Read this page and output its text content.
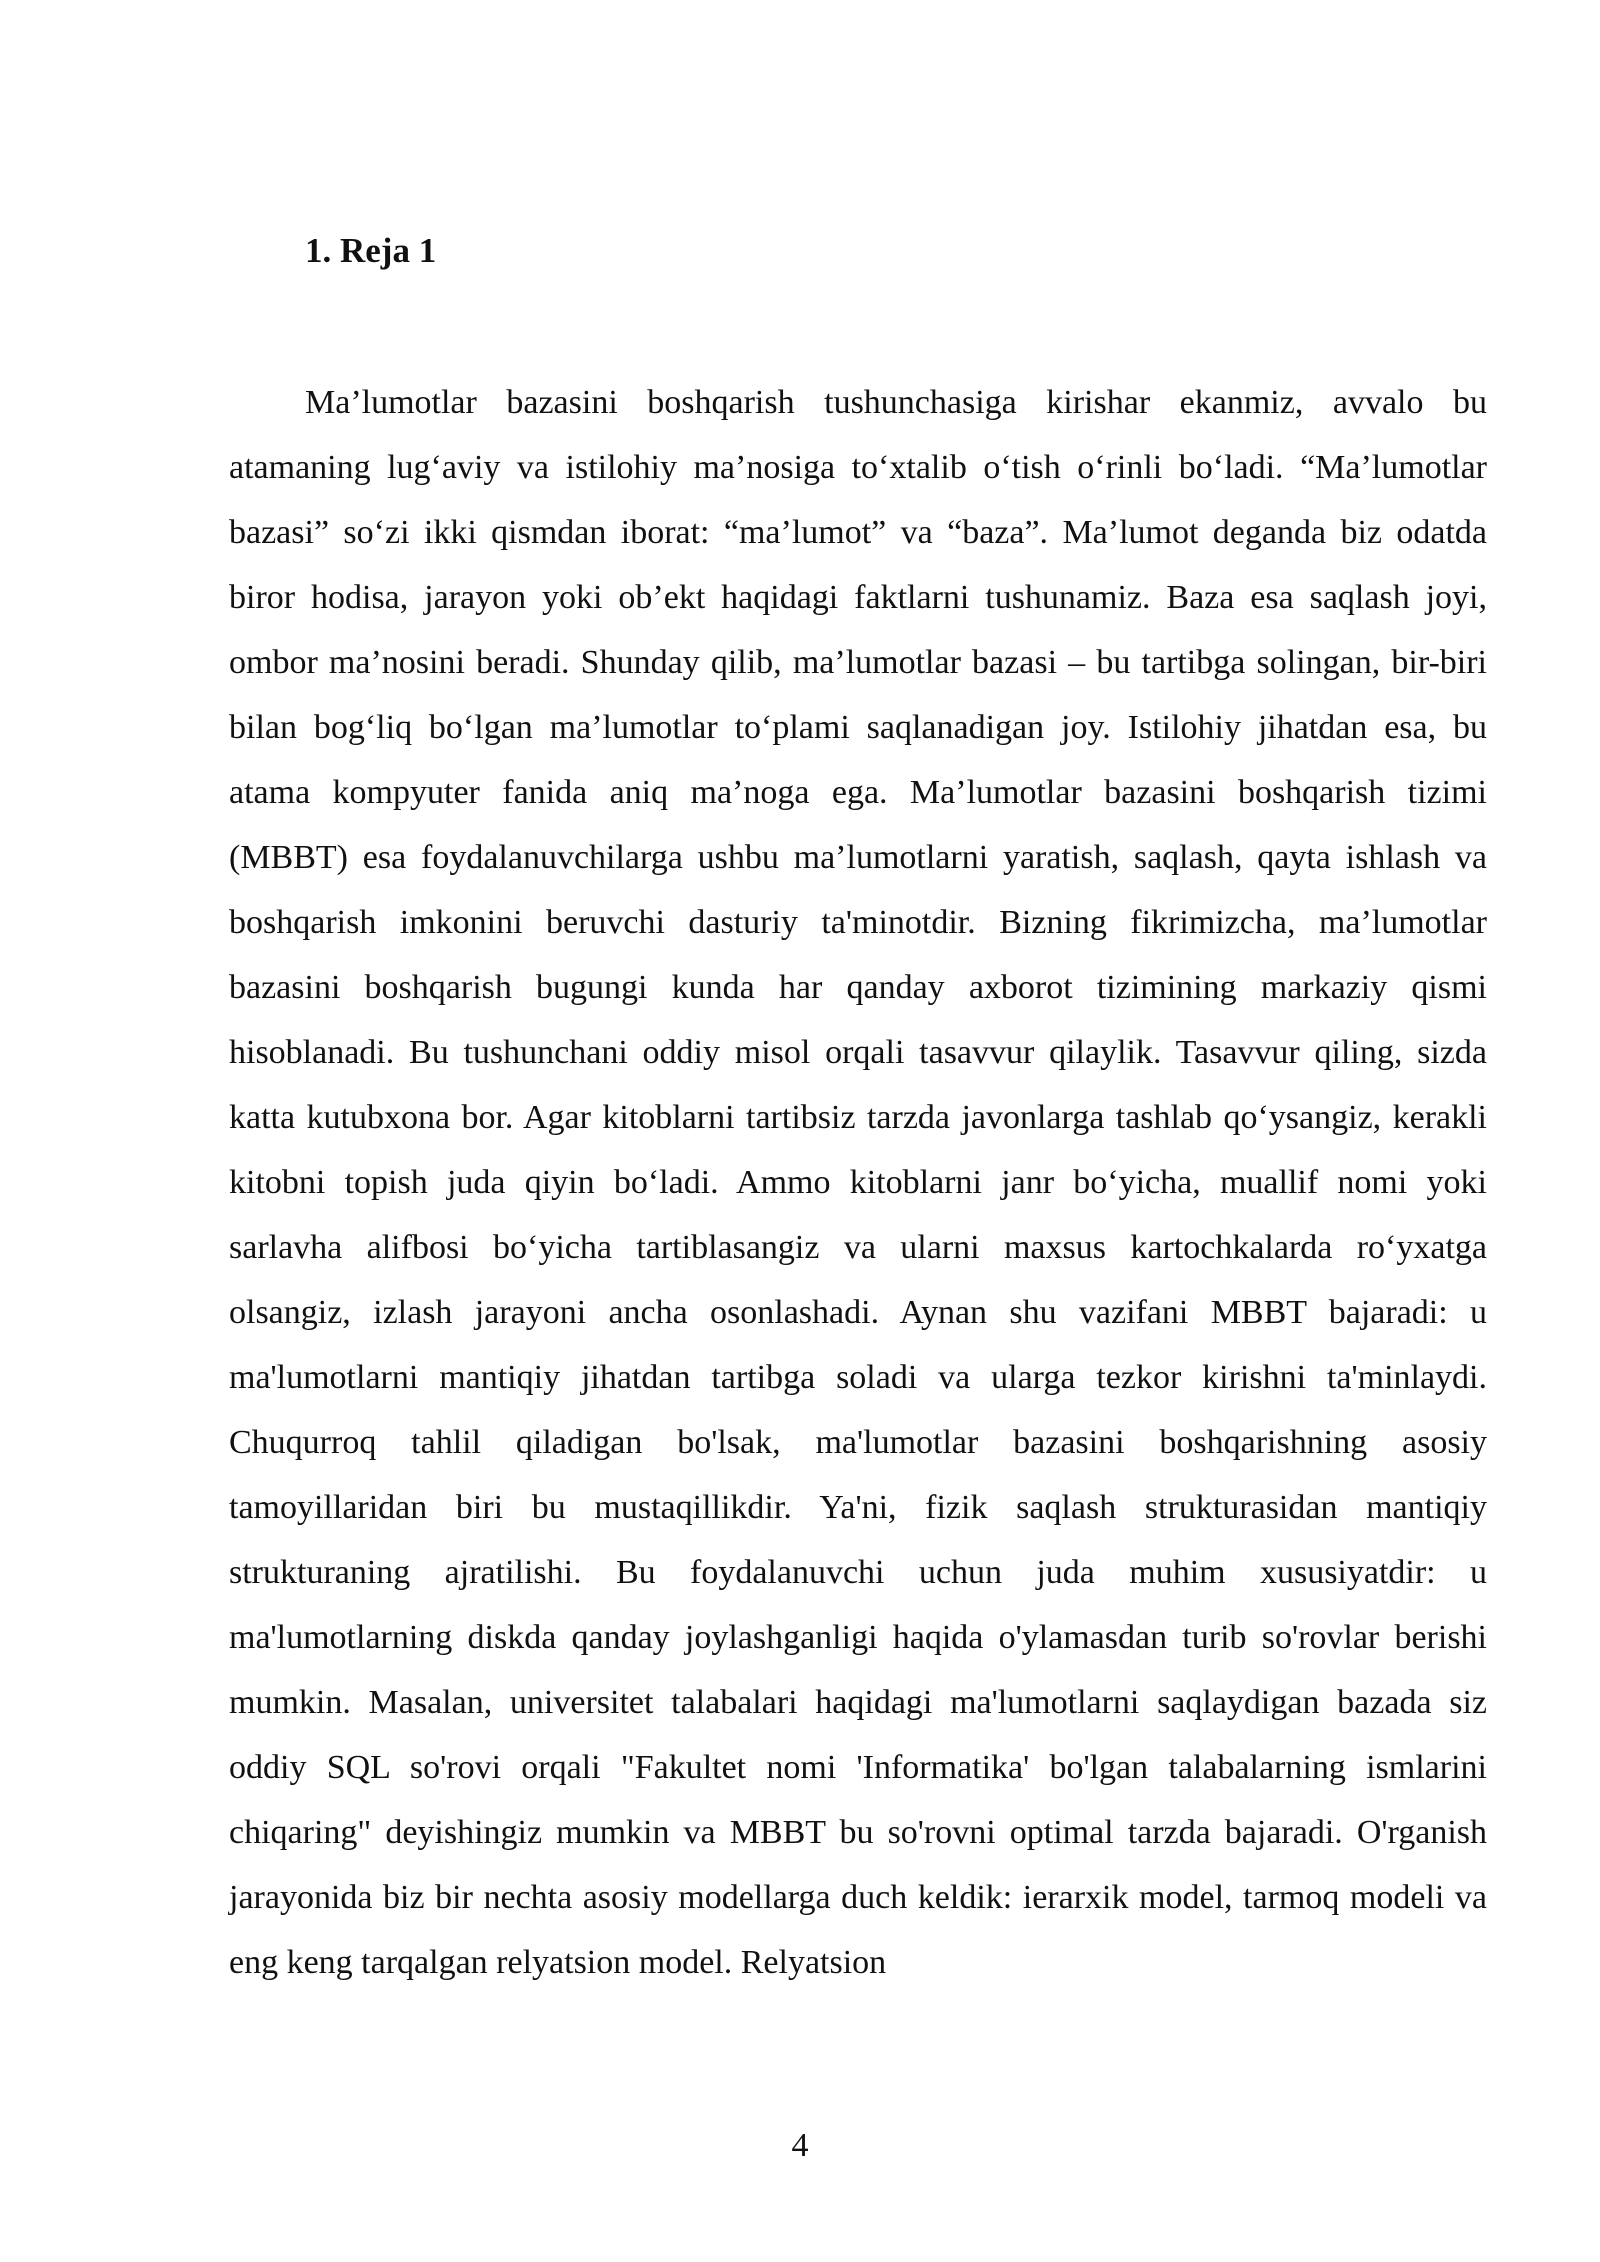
1. Reja 1

Ma’lumotlar bazasini boshqarish tushunchasiga kirishar ekanmiz, avvalo bu atamaning lugʻaviy va istilohiy ma’nosiga toʻxtalib oʻtish oʻrinli boʻladi. “Ma’lumotlar bazasi” soʻzi ikki qismdan iborat: “ma’lumot” va “baza”. Ma’lumot deganda biz odatda biror hodisa, jarayon yoki ob’ekt haqidagi faktlarni tushunamiz. Baza esa saqlash joyi, ombor ma’nosini beradi. Shunday qilib, ma’lumotlar bazasi – bu tartibga solingan, bir-biri bilan bogʻliq boʻlgan ma’lumotlar toʻplami saqlanadigan joy. Istilohiy jihatdan esa, bu atama kompyuter fanida aniq ma’noga ega. Ma’lumotlar bazasini boshqarish tizimi (MBBT) esa foydalanuvchilarga ushbu ma’lumotlarni yaratish, saqlash, qayta ishlash va boshqarish imkonini beruvchi dasturiy ta'minotdir. Bizning fikrimizcha, ma’lumotlar bazasini boshqarish bugungi kunda har qanday axborot tizimining markaziy qismi hisoblanadi. Bu tushunchani oddiy misol orqali tasavvur qilaylik. Tasavvur qiling, sizda katta kutubxona bor. Agar kitoblarni tartibsiz tarzda javonlarga tashlab qoʻysangiz, kerakli kitobni topish juda qiyin boʻladi. Ammo kitoblarni janr boʻyicha, muallif nomi yoki sarlavha alifbosi boʻyicha tartiblasangiz va ularni maxsus kartochkalarda roʻyxatga olsangiz, izlash jarayoni ancha osonlashadi. Aynan shu vazifani MBBT bajaradi: u ma'lumotlarni mantiqiy jihatdan tartibga soladi va ularga tezkor kirishni ta'minlaydi. Chuqurroq tahlil qiladigan bo'lsak, ma'lumotlar bazasini boshqarishning asosiy tamoyillaridan biri bu mustaqillikdir. Ya'ni, fizik saqlash strukturasidan mantiqiy strukturaning ajratilishi. Bu foydalanuvchi uchun juda muhim xususiyatdir: u ma'lumotlarning diskda qanday joylashganligi haqida o'ylamasdan turib so'rovlar berishi mumkin. Masalan, universitet talabalari haqidagi ma'lumotlarni saqlaydigan bazada siz oddiy SQL so'rovi orqali "Fakultet nomi 'Informatika' bo'lgan talabalarning ismlarini chiqaring" deyishingiz mumkin va MBBT bu so'rovni optimal tarzda bajaradi. O'rganish jarayonida biz bir nechta asosiy modellarga duch keldik: ierarxik model, tarmoq modeli va eng keng tarqalgan relyatsion model. Relyatsion

4
